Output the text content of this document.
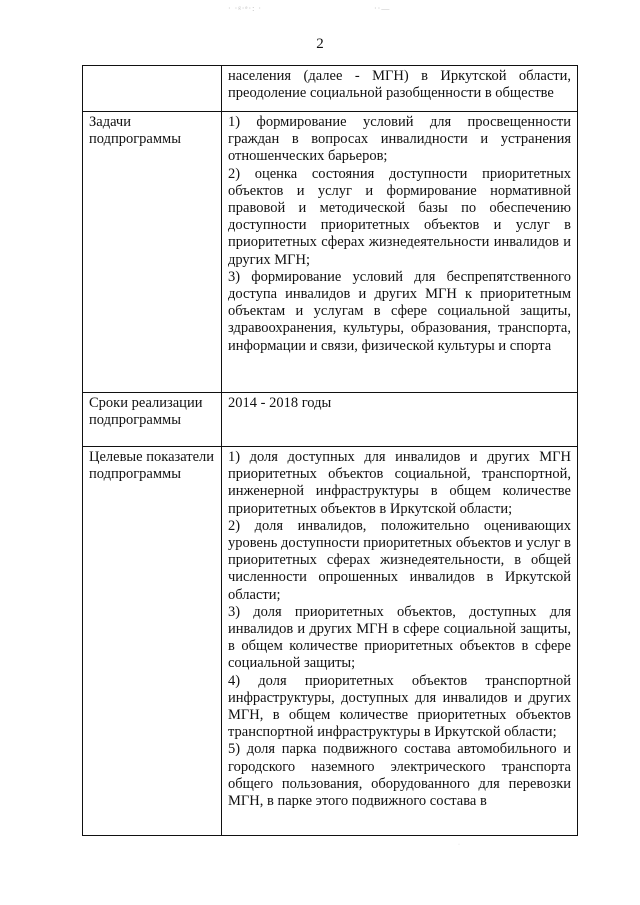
· ·ᵍ·ᵉ·: ·	··—
2

	населения (далее - МГН) в Иркутской области, преодоление социальной разобщенности в обществе

Задачи подпрограммы	1) формирование условий для просвещенности граждан в вопросах инвалидности и устранения отношенческих барьеров;
2) оценка состояния доступности приоритетных объектов и услуг и формирование нормативной правовой и методической базы по обеспечению доступности приоритетных объектов и услуг в приоритетных сферах жизнедеятельности инвалидов и других МГН;
3) формирование условий для беспрепятственного доступа инвалидов и других МГН к приоритетным объектам и услугам в сфере социальной защиты, здравоохранения, культуры, образования, транспорта, информации и связи, физической культуры и спорта

Сроки реализации подпрограммы	2014 - 2018 годы

Целевые показатели подпрограммы	1) доля доступных для инвалидов и других МГН приоритетных объектов социальной, транспортной, инженерной инфраструктуры в общем количестве приоритетных объектов в Иркутской области;
2) доля инвалидов, положительно оценивающих уровень доступности приоритетных объектов и услуг в приоритетных сферах жизнедеятельности, в общей численности опрошенных инвалидов в Иркутской области;
3) доля приоритетных объектов, доступных для инвалидов и других МГН в сфере социальной защиты, в общем количестве приоритетных объектов в сфере социальной защиты;
4) доля приоритетных объектов транспортной инфраструктуры, доступных для инвалидов и других МГН, в общем количестве приоритетных объектов транспортной инфраструктуры в Иркутской области;
5) доля парка подвижного состава автомобильного и городского наземного электрического транспорта общего пользования, оборудованного для перевозки МГН, в парке этого подвижного состава в
·
